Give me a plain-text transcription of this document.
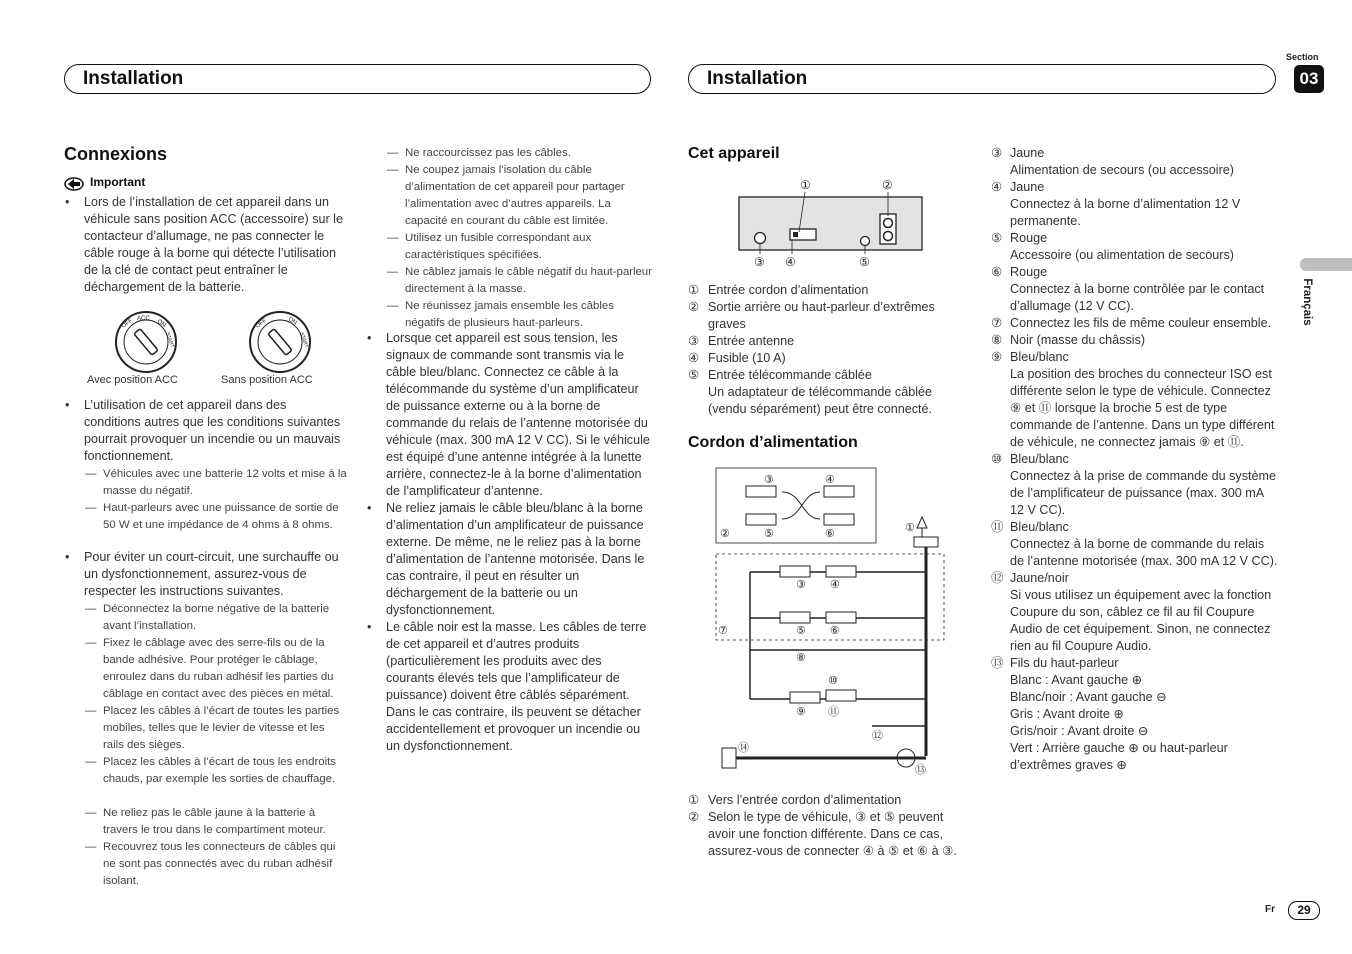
Installation	Installation
Section
03
Français
Connexions
Important
• Lors de l’installation de cet appareil dans un véhicule sans position ACC (accessoire) sur le contacteur d’allumage, ne pas connecter le câble rouge à la borne qui détecte l’utilisation de la clé de contact peut entraîner le déchargement de la batterie.
OFF ACC ON
START
OFF	ON
START
Avec position ACC	Sans position ACC
• L’utilisation de cet appareil dans des conditions autres que les conditions suivantes pourrait provoquer un incendie ou un mauvais fonctionnement.
— Véhicules avec une batterie 12 volts et mise à la masse du négatif.
— Haut-parleurs avec une puissance de sortie de 50 W et une impédance de 4 ohms à 8 ohms.
• Pour éviter un court-circuit, une surchauffe ou un dysfonctionnement, assurez-vous de respecter les instructions suivantes.
— Déconnectez la borne négative de la batterie avant l’installation.
— Fixez le câblage avec des serre-fils ou de la bande adhésive. Pour protéger le câblage, enroulez dans du ruban adhésif les parties du câblage en contact avec des pièces en métal.
— Placez les câbles à l’écart de toutes les parties mobiles, telles que le levier de vitesse et les rails des sièges.
— Placez les câbles à l’écart de tous les endroits chauds, par exemple les sorties de chauffage.
— Ne reliez pas le câble jaune à la batterie à travers le trou dans le compartiment moteur.
— Recouvrez tous les connecteurs de câbles qui ne sont pas connectés avec du ruban adhésif isolant.
— Ne raccourcissez pas les câbles.
— Ne coupez jamais l’isolation du câble d’alimentation de cet appareil pour partager l’alimentation avec d’autres appareils. La capacité en courant du câble est limitée.
— Utilisez un fusible correspondant aux caractéristiques spécifiées.
— Ne câblez jamais le câble négatif du haut-parleur directement à la masse.
— Ne réunissez jamais ensemble les câbles négatifs de plusieurs haut-parleurs.
• Lorsque cet appareil est sous tension, les signaux de commande sont transmis via le câble bleu/blanc. Connectez ce câble à la télécommande du système d’un amplificateur de puissance externe ou à la borne de commande du relais de l’antenne motorisée du véhicule (max. 300 mA 12 V CC). Si le véhicule est équipé d’une antenne intégrée à la lunette arrière, connectez-le à la borne d’alimentation de l’amplificateur d’antenne.
• Ne reliez jamais le câble bleu/blanc à la borne d’alimentation d’un amplificateur de puissance externe. De même, ne le reliez pas à la borne d’alimentation de l’antenne motorisée. Dans le cas contraire, il peut en résulter un déchargement de la batterie ou un dysfonctionnement.
• Le câble noir est la masse. Les câbles de terre de cet appareil et d’autres produits (particulièrement les produits avec des courants élevés tels que l’amplificateur de puissance) doivent être câblés séparément. Dans le cas contraire, ils peuvent se détacher accidentellement et provoquer un incendie ou un dysfonctionnement.
Cet appareil
①	②
③ ④	⑤
① Entrée cordon d’alimentation
② Sortie arrière ou haut-parleur d’extrêmes graves
③ Entrée antenne
④ Fusible (10 A)
⑤ Entrée télécommande câblée
Un adaptateur de télécommande câblée (vendu séparément) peut être connecté.
Cordon d’alimentation
③	④
②	⑤	⑥	①
③ ④
⑦	⑤ ⑥
⑧
⑩
⑨ ⑪
⑫
⑭
⑬
① Vers l’entrée cordon d’alimentation
② Selon le type de véhicule, ③ et ⑤ peuvent avoir une fonction différente. Dans ce cas, assurez-vous de connecter ④ à ⑤ et ⑥ à ③.
③ Jaune
Alimentation de secours (ou accessoire)
④ Jaune
Connectez à la borne d’alimentation 12 V permanente.
⑤ Rouge
Accessoire (ou alimentation de secours)
⑥ Rouge
Connectez à la borne contrôlée par le contact d’allumage (12 V CC).
⑦ Connectez les fils de même couleur ensemble.
⑧ Noir (masse du châssis)
⑨ Bleu/blanc
La position des broches du connecteur ISO est différente selon le type de véhicule. Connectez ⑨ et ⑪ lorsque la broche 5 est de type commande de l’antenne. Dans un type différent de véhicule, ne connectez jamais ⑨ et ⑪.
⑩ Bleu/blanc
Connectez à la prise de commande du système de l’amplificateur de puissance (max. 300 mA 12 V CC).
⑪ Bleu/blanc
Connectez à la borne de commande du relais de l’antenne motorisée (max. 300 mA 12 V CC).
⑫ Jaune/noir
Si vous utilisez un équipement avec la fonction Coupure du son, câblez ce fil au fil Coupure Audio de cet équipement. Sinon, ne connectez rien au fil Coupure Audio.
⑬ Fils du haut-parleur
Blanc : Avant gauche ⊕
Blanc/noir : Avant gauche ⊖
Gris : Avant droite ⊕
Gris/noir : Avant droite ⊖
Vert : Arrière gauche ⊕ ou haut-parleur d’extrêmes graves ⊕
Fr	29
